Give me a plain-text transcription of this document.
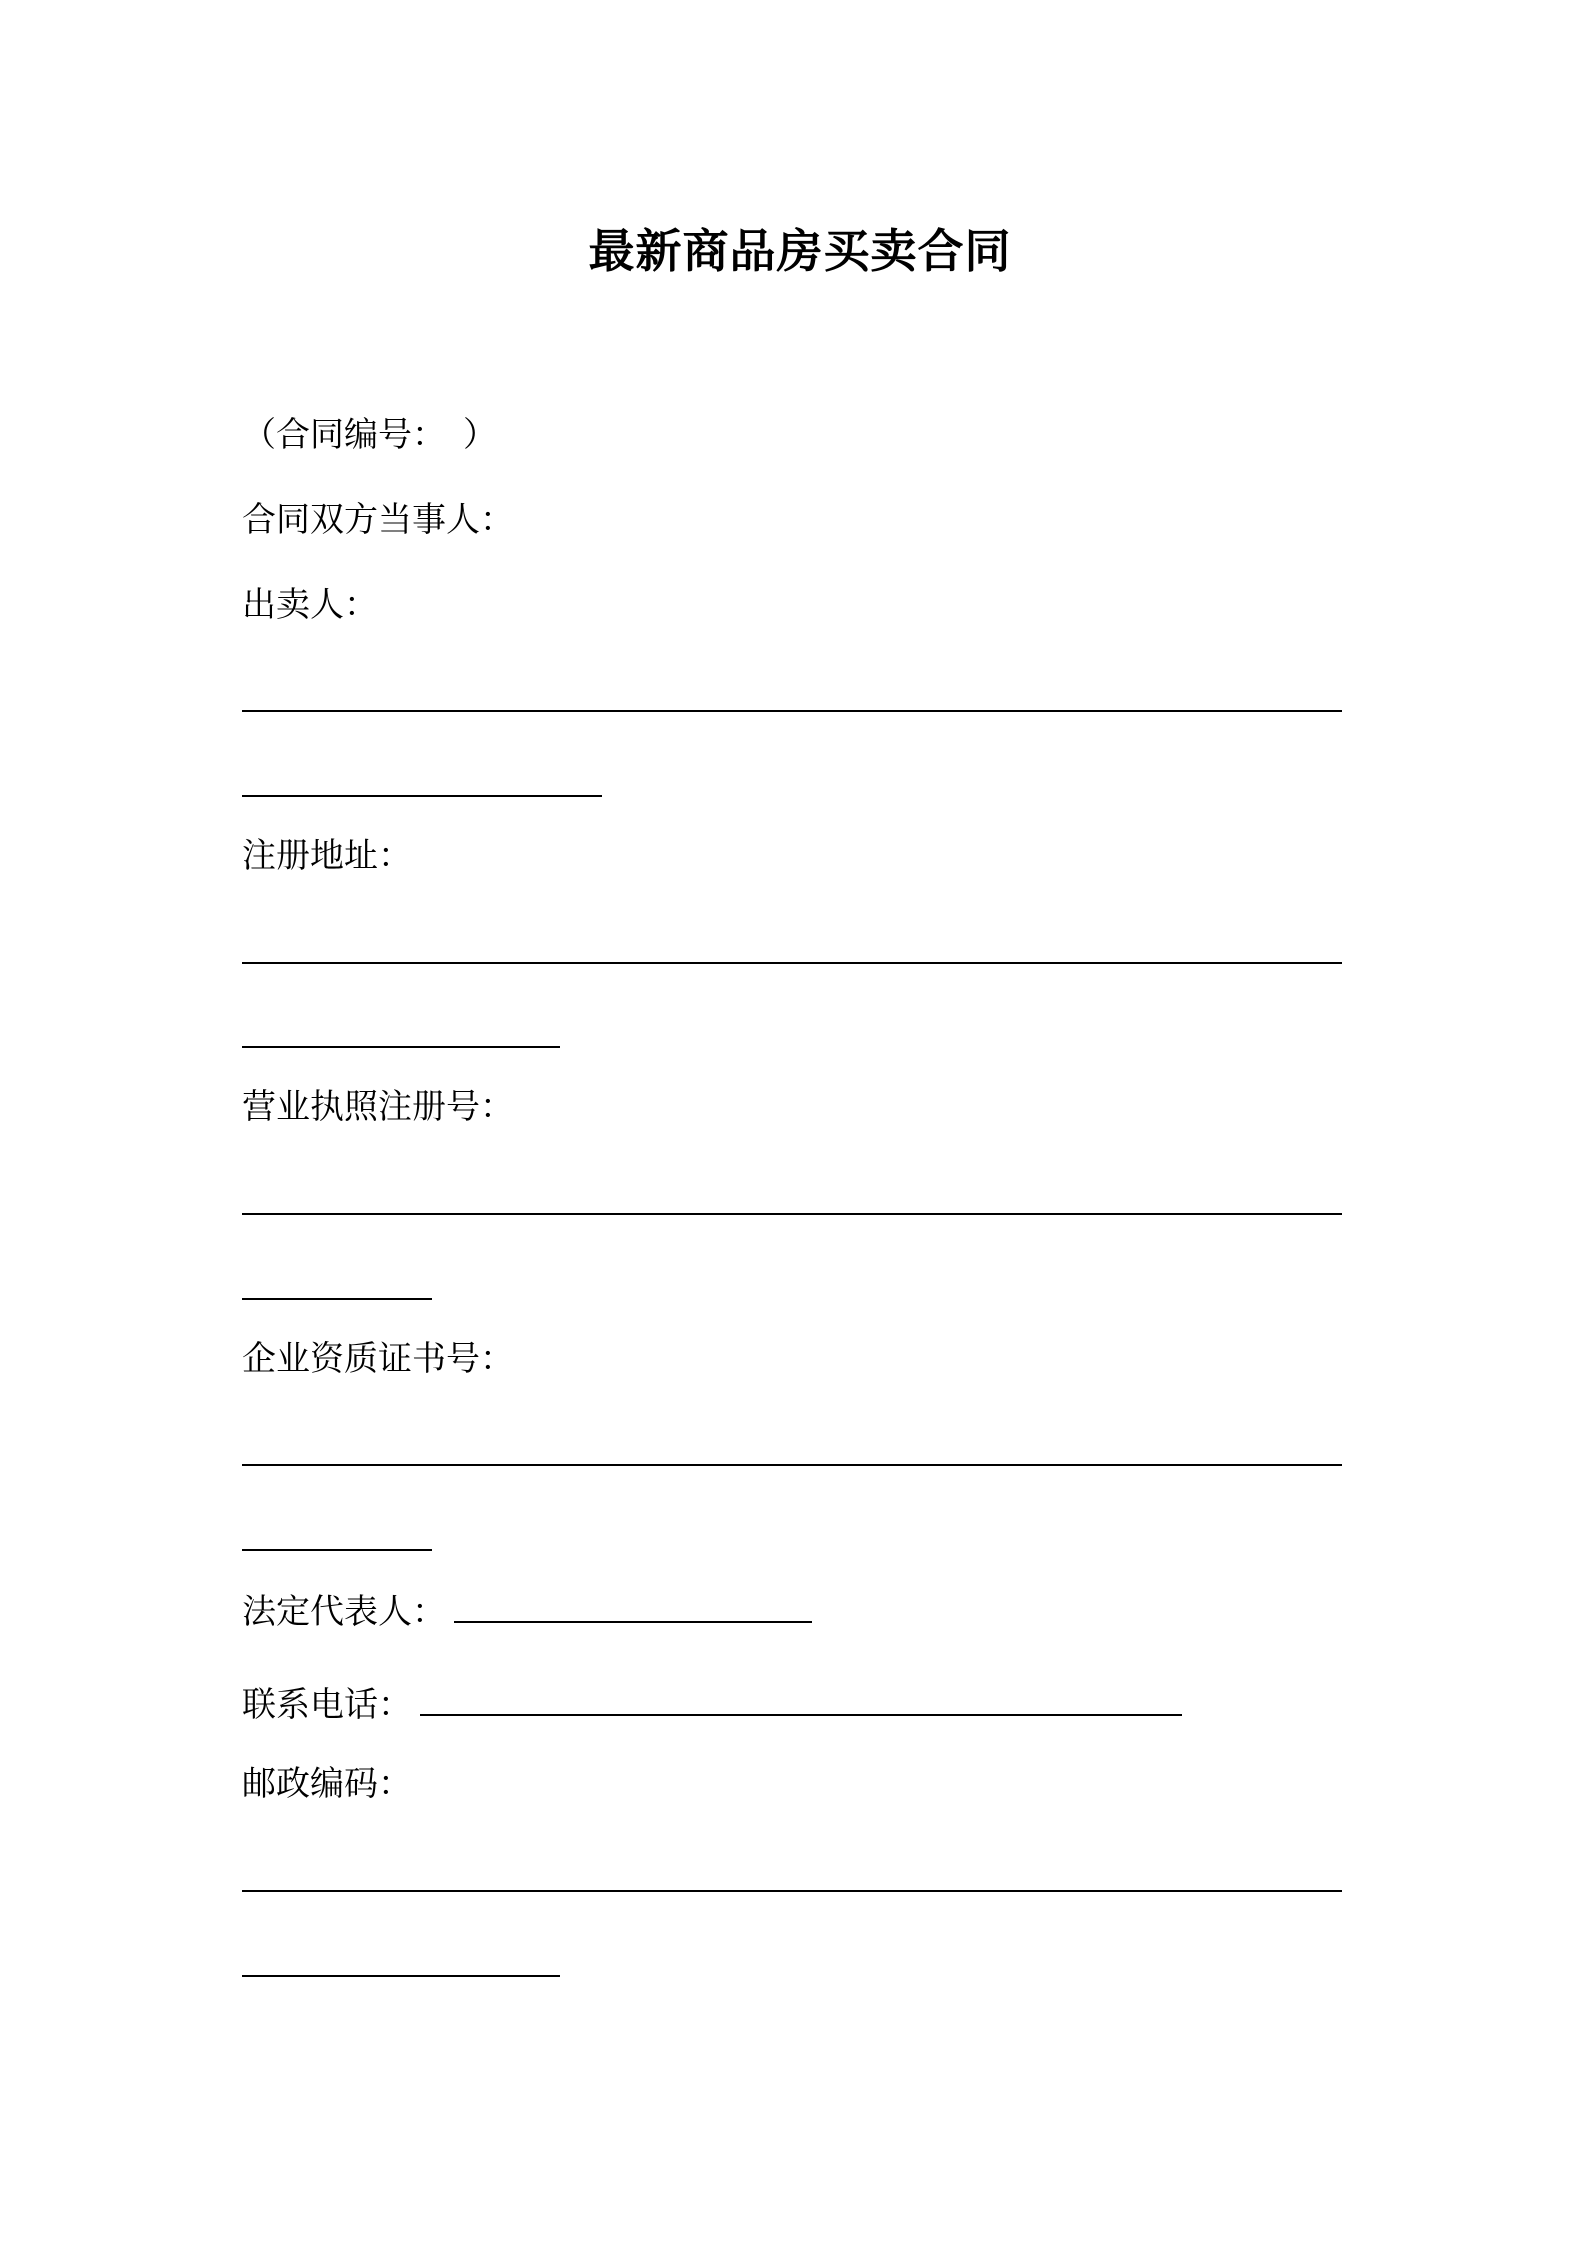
最新商品房买卖合同
（合同编号：　）
合同双方当事人：
出卖人：
注册地址：
营业执照注册号：
企业资质证书号：
法定代表人：
联系电话：
邮政编码：
